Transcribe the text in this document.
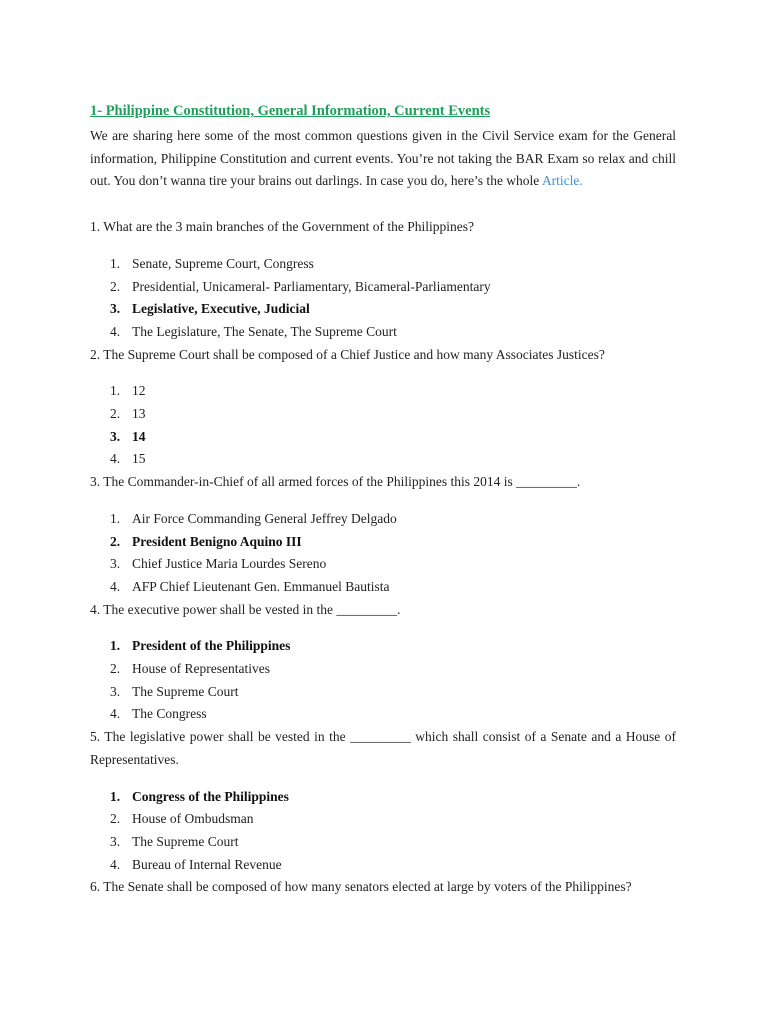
1- Philippine Constitution, General Information, Current Events

We are sharing here some of the most common questions given in the Civil Service exam for the General information, Philippine Constitution and current events. You’re not taking the BAR Exam so relax and chill out. You don’t wanna tire your brains out darlings. In case you do, here’s the whole Article.

1. What are the 3 main branches of the Government of the Philippines?

1. Senate, Supreme Court, Congress
2. Presidential, Unicameral- Parliamentary, Bicameral-Parliamentary
3. Legislative, Executive, Judicial
4. The Legislature, The Senate, The Supreme Court

2. The Supreme Court shall be composed of a Chief Justice and how many Associates Justices?

1. 12
2. 13
3. 14
4. 15

3. The Commander-in-Chief of all armed forces of the Philippines this 2014 is _________.

1. Air Force Commanding General Jeffrey Delgado
2. President Benigno Aquino III
3. Chief Justice Maria Lourdes Sereno
4. AFP Chief Lieutenant Gen. Emmanuel Bautista

4. The executive power shall be vested in the _________.

1. President of the Philippines
2. House of Representatives
3. The Supreme Court
4. The Congress

5. The legislative power shall be vested in the _________ which shall consist of a Senate and a House of Representatives.

1. Congress of the Philippines
2. House of Ombudsman
3. The Supreme Court
4. Bureau of Internal Revenue

6. The Senate shall be composed of how many senators elected at large by voters of the Philippines?
